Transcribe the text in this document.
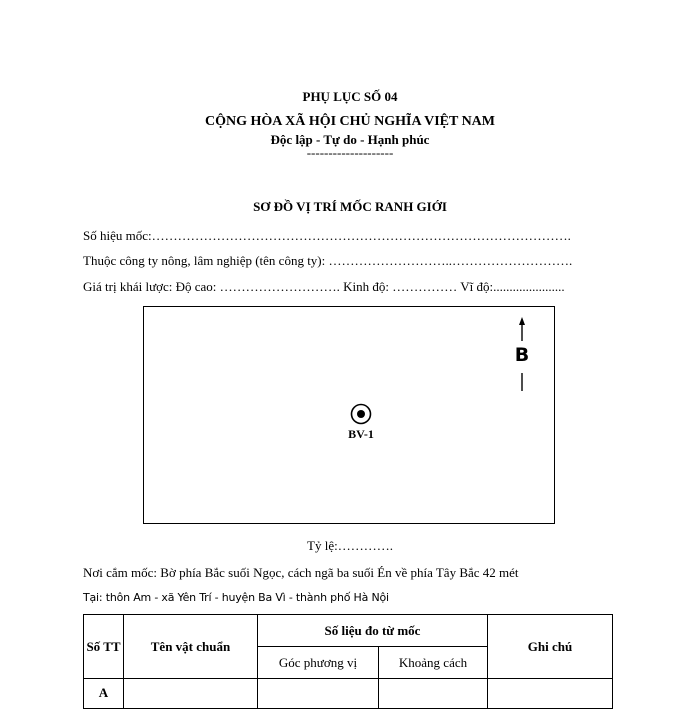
PHỤ LỤC SỐ 04
CỘNG HÒA XÃ HỘI CHỦ NGHĨA VIỆT NAM
Độc lập - Tự do - Hạnh phúc
--------------------
SƠ ĐỒ VỊ TRÍ MỐC RANH GIỚI
Số hiệu mốc:…………………………………………………………………………………….
Thuộc công ty nông, lâm nghiệp (tên công ty): ………………………..……………………….
Giá trị khái lược: Độ cao: ………………………. Kinh độ: …………… Vĩ độ:......................
B
BV-1
Tỷ lệ:………….
Nơi cắm mốc: Bờ phía Bắc suối Ngọc, cách ngã ba suối Én về phía Tây Bắc 42 mét
Tại: thôn Am - xã Yên Trí - huyện Ba Vì - thành phố Hà Nội
Số TT	Tên vật chuẩn	Số liệu đo từ mốc		Ghi chú
		Góc phương vị	Khoảng cách	
A				
